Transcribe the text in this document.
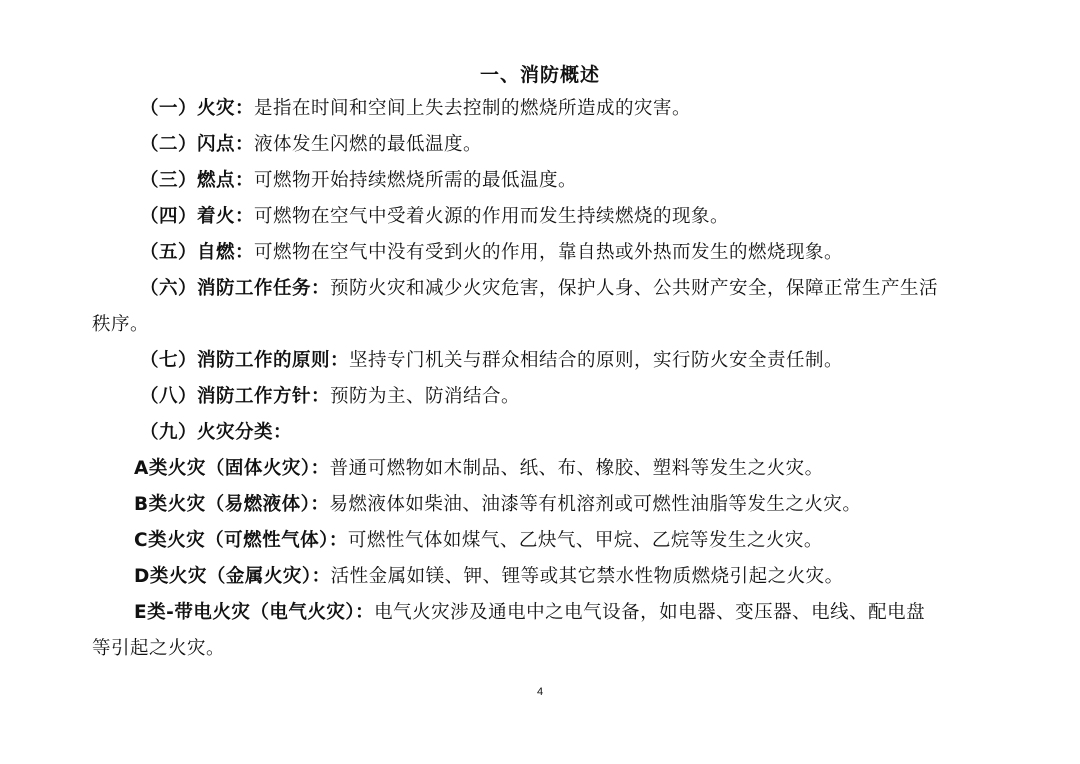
一、消防概述
（一）火灾：是指在时间和空间上失去控制的燃烧所造成的灾害。
（二）闪点：液体发生闪燃的最低温度。
（三）燃点：可燃物开始持续燃烧所需的最低温度。
（四）着火：可燃物在空气中受着火源的作用而发生持续燃烧的现象。
（五）自燃：可燃物在空气中没有受到火的作用，靠自热或外热而发生的燃烧现象。
（六）消防工作任务：预防火灾和减少火灾危害，保护人身、公共财产安全，保障正常生产生活
秩序。
（七）消防工作的原则：坚持专门机关与群众相结合的原则，实行防火安全责任制。
（八）消防工作方针：预防为主、防消结合。
（九）火灾分类：
A类火灾（固体火灾）：普通可燃物如木制品、纸、布、橡胶、塑料等发生之火灾。
B类火灾（易燃液体）：易燃液体如柴油、油漆等有机溶剂或可燃性油脂等发生之火灾。
C类火灾（可燃性气体）：可燃性气体如煤气、乙炔气、甲烷、乙烷等发生之火灾。
D类火灾（金属火灾）：活性金属如镁、钾、锂等或其它禁水性物质燃烧引起之火灾。
E类-带电火灾（电气火灾）：电气火灾涉及通电中之电气设备，如电器、变压器、电线、配电盘
等引起之火灾。
4
